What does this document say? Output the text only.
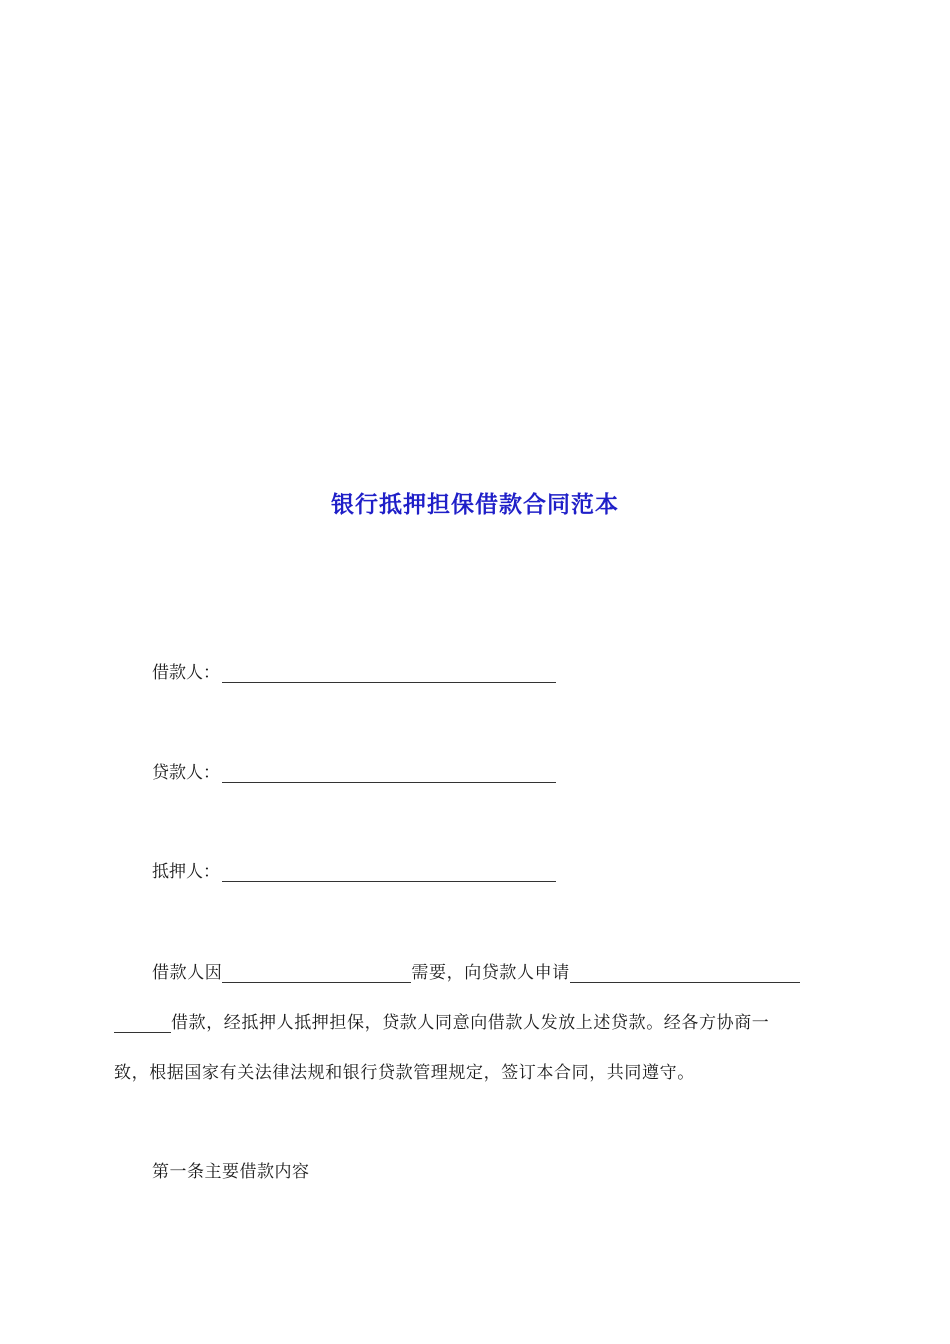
银行抵押担保借款合同范本
借款人：
贷款人：
抵押人：
借款人因	需要，向贷款人申请
借款，经抵押人抵押担保，贷款人同意向借款人发放上述贷款。经各方协商一
致，根据国家有关法律法规和银行贷款管理规定，签订本合同，共同遵守。
第一条主要借款内容
